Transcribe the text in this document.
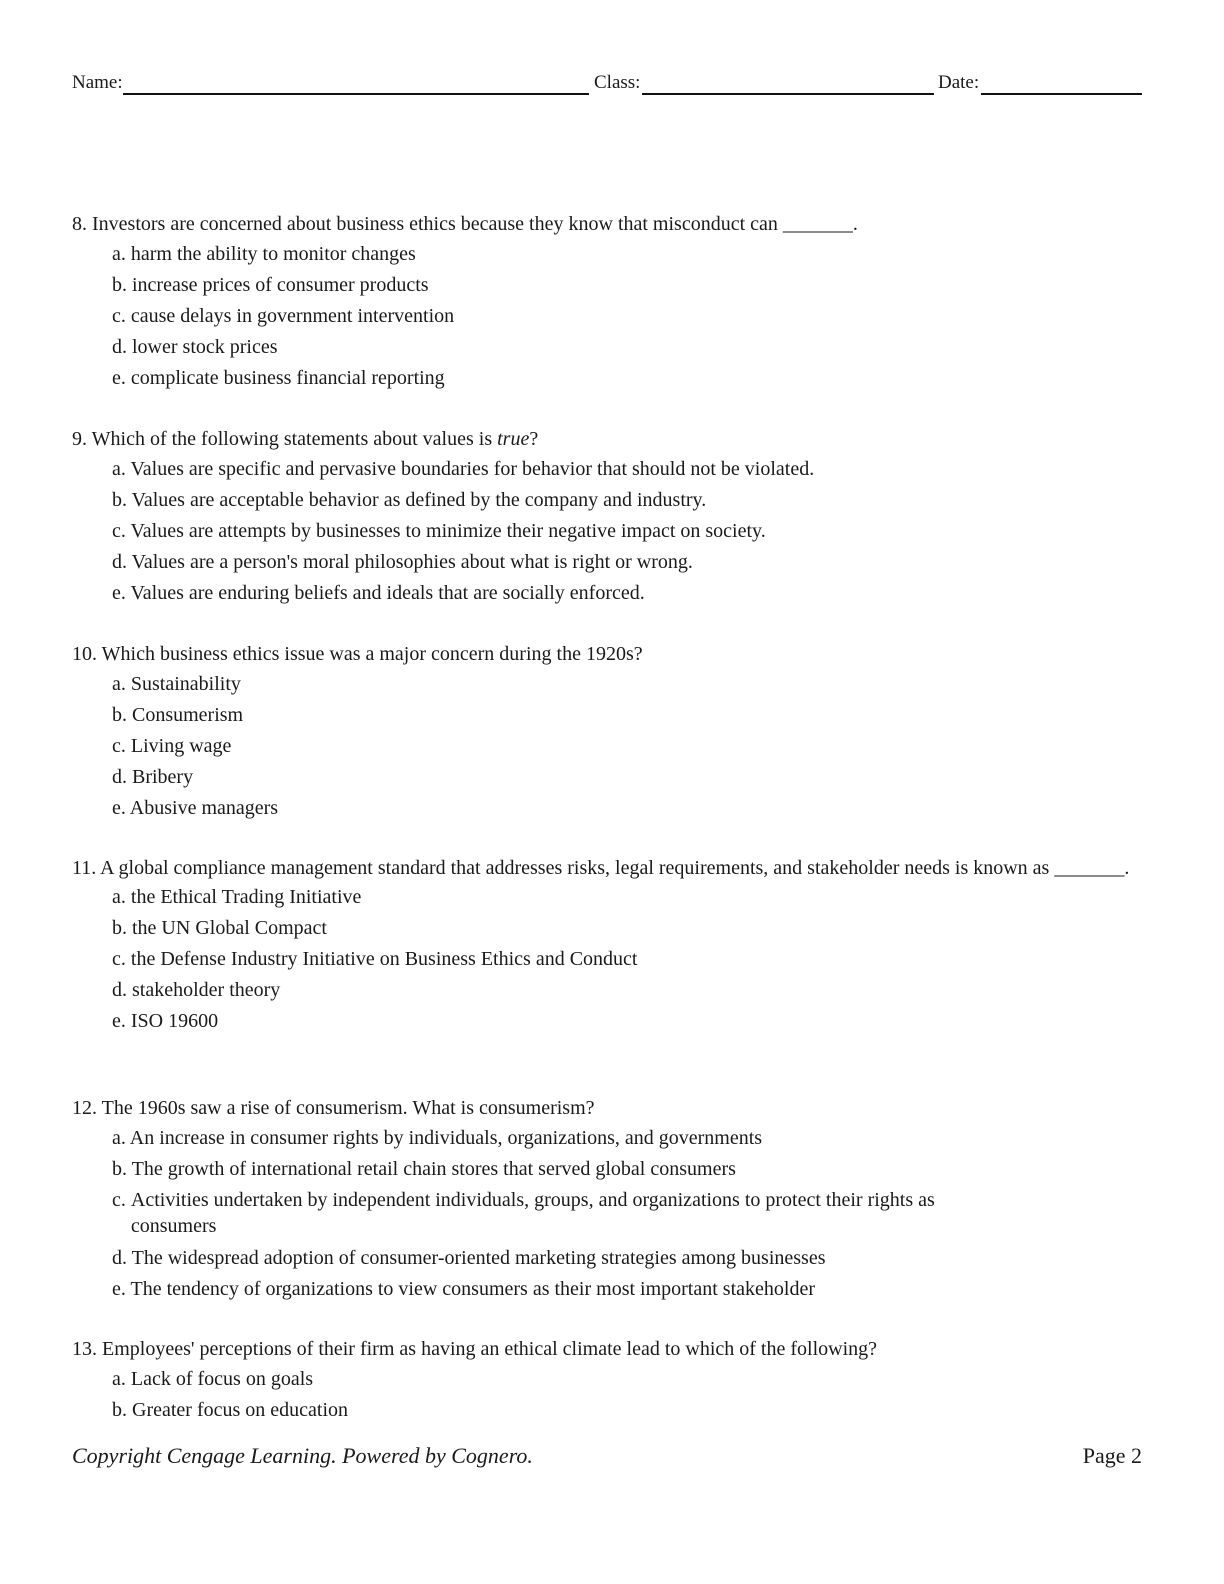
Name:	Class:	Date:
8. Investors are concerned about business ethics because they know that misconduct can _______.
a. harm the ability to monitor changes
b. increase prices of consumer products
c. cause delays in government intervention
d. lower stock prices
e. complicate business financial reporting
9. Which of the following statements about values is true?
a. Values are specific and pervasive boundaries for behavior that should not be violated.
b. Values are acceptable behavior as defined by the company and industry.
c. Values are attempts by businesses to minimize their negative impact on society.
d. Values are a person's moral philosophies about what is right or wrong.
e. Values are enduring beliefs and ideals that are socially enforced.
10. Which business ethics issue was a major concern during the 1920s?
a. Sustainability
b. Consumerism
c. Living wage
d. Bribery
e. Abusive managers
11. A global compliance management standard that addresses risks, legal requirements, and stakeholder needs is known as _______.
a. the Ethical Trading Initiative
b. the UN Global Compact
c. the Defense Industry Initiative on Business Ethics and Conduct
d. stakeholder theory
e. ISO 19600
12. The 1960s saw a rise of consumerism. What is consumerism?
a. An increase in consumer rights by individuals, organizations, and governments
b. The growth of international retail chain stores that served global consumers
c. Activities undertaken by independent individuals, groups, and organizations to protect their rights as consumers
d. The widespread adoption of consumer-oriented marketing strategies among businesses
e. The tendency of organizations to view consumers as their most important stakeholder
13. Employees' perceptions of their firm as having an ethical climate lead to which of the following?
a. Lack of focus on goals
b. Greater focus on education
Copyright Cengage Learning. Powered by Cognero.	Page 2
